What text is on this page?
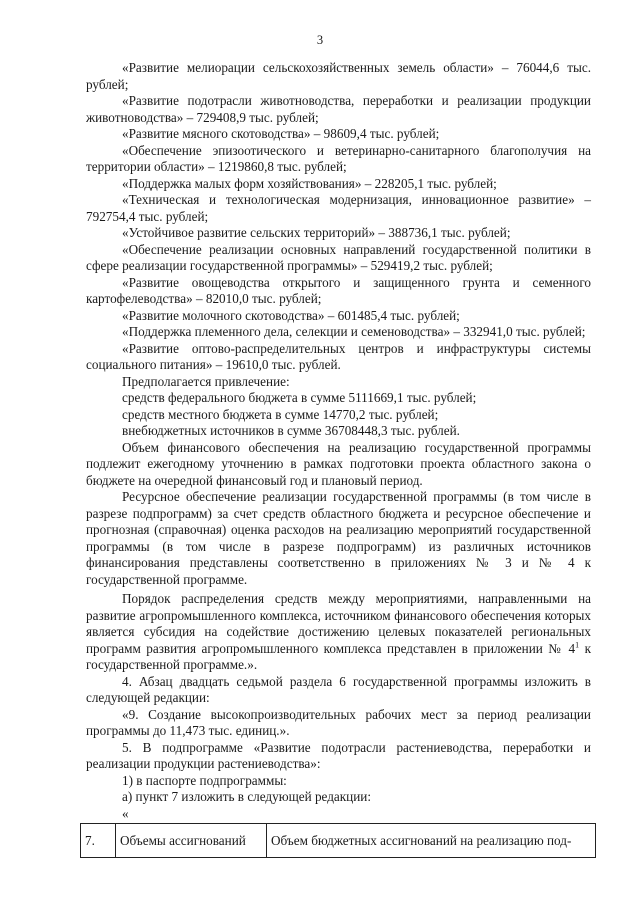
3

«Развитие мелиорации сельскохозяйственных земель области» – 76044,6 тыс. рублей;

«Развитие подотрасли животноводства, переработки и реализации продукции животноводства» – 729408,9 тыс. рублей;

«Развитие мясного скотоводства» – 98609,4 тыс. рублей;

«Обеспечение эпизоотического и ветеринарно-санитарного благополучия на территории области» – 1219860,8 тыс. рублей;

«Поддержка малых форм хозяйствования» – 228205,1 тыс. рублей;

«Техническая и технологическая модернизация, инновационное развитие» – 792754,4 тыс. рублей;

«Устойчивое развитие сельских территорий» – 388736,1 тыс. рублей;

«Обеспечение реализации основных направлений государственной политики в сфере реализации государственной программы» – 529419,2 тыс. рублей;

«Развитие овощеводства открытого и защищенного грунта и семенного картофелеводства» – 82010,0 тыс. рублей;

«Развитие молочного скотоводства» – 601485,4 тыс. рублей;

«Поддержка племенного дела, селекции и семеноводства» – 332941,0 тыс. рублей;

«Развитие оптово-распределительных центров и инфраструктуры системы социального питания» – 19610,0 тыс. рублей.

Предполагается привлечение:

средств федерального бюджета в сумме 5111669,1 тыс. рублей;

средств местного бюджета в сумме 14770,2 тыс. рублей;

внебюджетных источников в сумме 36708448,3 тыс. рублей.

Объем финансового обеспечения на реализацию государственной программы подлежит ежегодному уточнению в рамках подготовки проекта областного закона о бюджете на очередной финансовый год и плановый период.

Ресурсное обеспечение реализации государственной программы (в том числе в разрезе подпрограмм) за счет средств областного бюджета и ресурсное обеспечение и прогнозная (справочная) оценка расходов на реализацию мероприятий государственной программы (в том числе в разрезе подпрограмм) из различных источников финансирования представлены соответственно в приложениях № 3 и № 4 к государственной программе.

Порядок распределения средств между мероприятиями, направленными на развитие агропромышленного комплекса, источником финансового обеспечения которых является субсидия на содействие достижению целевых показателей региональных программ развития агропромышленного комплекса представлен в приложении № $4^1$ к государственной программе.».

4. Абзац двадцать седьмой раздела 6 государственной программы изложить в следующей редакции:

«9. Создание высокопроизводительных рабочих мест за период реализации программы до 11,473 тыс. единиц.».

5. В подпрограмме «Развитие подотрасли растениеводства, переработки и реализации продукции растениеводства»:

1) в паспорте подпрограммы:

а) пункт 7 изложить в следующей редакции:

«

7.	Объемы ассигнований	Объем бюджетных ассигнований на реализацию под-
